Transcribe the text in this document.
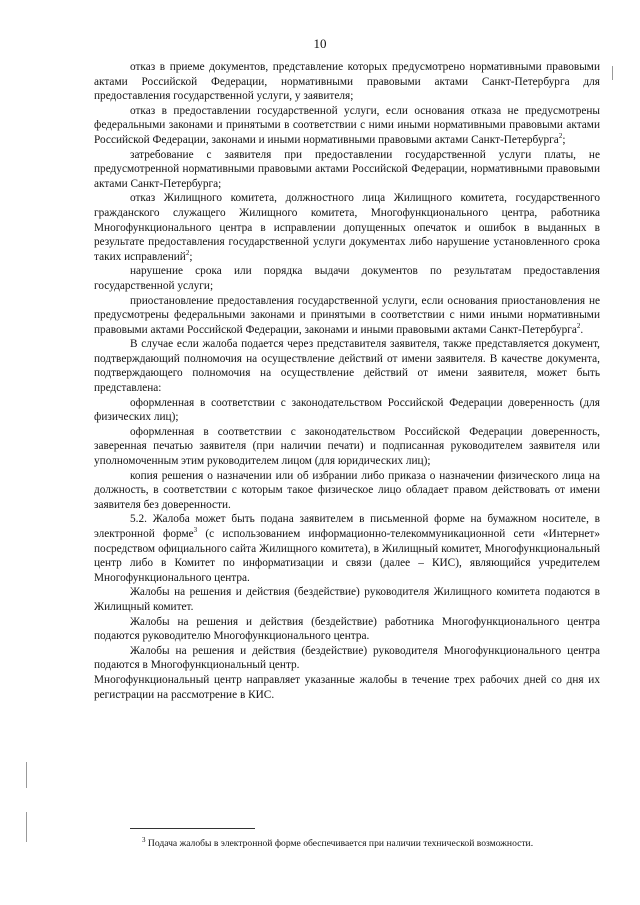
10

отказ в приеме документов, представление которых предусмотрено нормативными правовыми актами Российской Федерации, нормативными правовыми актами Санкт-Петербурга для предоставления государственной услуги, у заявителя;

отказ в предоставлении государственной услуги, если основания отказа не предусмотрены федеральными законами и принятыми в соответствии с ними иными нормативными правовыми актами Российской Федерации, законами и иными нормативными правовыми актами Санкт-Петербурга$^2$;

затребование с заявителя при предоставлении государственной услуги платы, не предусмотренной нормативными правовыми актами Российской Федерации, нормативными правовыми актами Санкт-Петербурга;

отказ Жилищного комитета, должностного лица Жилищного комитета, государственного гражданского служащего Жилищного комитета, Многофункционального центра, работника Многофункционального центра в исправлении допущенных опечаток и ошибок в выданных в результате предоставления государственной услуги документах либо нарушение установленного срока таких исправлений$^2$;

нарушение срока или порядка выдачи документов по результатам предоставления государственной услуги;

приостановление предоставления государственной услуги, если основания приостановления не предусмотрены федеральными законами и принятыми в соответствии с ними иными нормативными правовыми актами Российской Федерации, законами и иными правовыми актами Санкт-Петербурга$^2$.

В случае если жалоба подается через представителя заявителя, также представляется документ, подтверждающий полномочия на осуществление действий от имени заявителя. В качестве документа, подтверждающего полномочия на осуществление действий от имени заявителя, может быть представлена:

оформленная в соответствии с законодательством Российской Федерации доверенность (для физических лиц);

оформленная в соответствии с законодательством Российской Федерации доверенность, заверенная печатью заявителя (при наличии печати) и подписанная руководителем заявителя или уполномоченным этим руководителем лицом (для юридических лиц);

копия решения о назначении или об избрании либо приказа о назначении физического лица на должность, в соответствии с которым такое физическое лицо обладает правом действовать от имени заявителя без доверенности.

5.2. Жалоба может быть подана заявителем в письменной форме на бумажном носителе, в электронной форме$^3$ (с использованием информационно-телекоммуникационной сети «Интернет» посредством официального сайта Жилищного комитета), в Жилищный комитет, Многофункциональный центр либо в Комитет по информатизации и связи (далее – КИС), являющийся учредителем Многофункционального центра.

Жалобы на решения и действия (бездействие) руководителя Жилищного комитета подаются в Жилищный комитет.

Жалобы на решения и действия (бездействие) работника Многофункционального центра подаются руководителю Многофункционального центра.

Жалобы на решения и действия (бездействие) руководителя Многофункционального центра подаются в Многофункциональный центр.

Многофункциональный центр направляет указанные жалобы в течение трех рабочих дней со дня их регистрации на рассмотрение в КИС.

$^3$ Подача жалобы в электронной форме обеспечивается при наличии технической возможности.
